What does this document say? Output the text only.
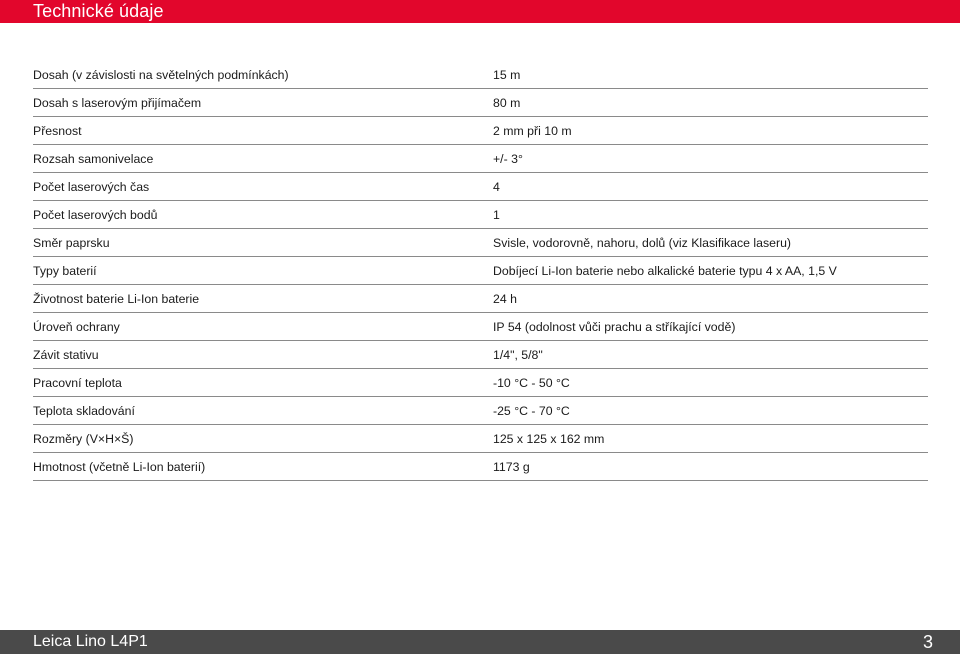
Technické údaje
Dosah (v závislosti na světelných podmínkách)	15 m
Dosah s laserovým přijímačem	80 m
Přesnost	2 mm při 10 m
Rozsah samonivelace	+/- 3°
Počet laserových čas	4
Počet laserových bodů	1
Směr paprsku	Svisle, vodorovně, nahoru, dolů (viz Klasifikace laseru)
Typy baterií	Dobíjecí Li-Ion baterie nebo alkalické baterie typu 4 x AA, 1,5 V
Životnost baterie Li-Ion baterie	24 h
Úroveň ochrany	IP 54 (odolnost vůči prachu a stříkající vodě)
Závit stativu	1/4", 5/8"
Pracovní teplota	-10 °C - 50 °C
Teplota skladování	-25 °C - 70 °C
Rozměry (V×H×Š)	125 x 125 x 162 mm
Hmotnost (včetně Li-Ion baterií)	1173 g
Leica Lino L4P1	3
